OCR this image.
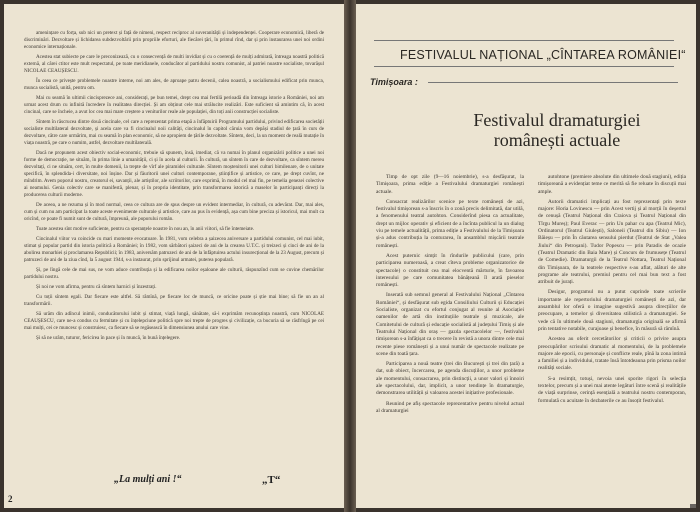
amenințare cu forța, sub nici un pretext și față de nimeni, respect reciproc al suveranității și independenței. Cooperare economică, liberă de discriminări. Dezvoltare și lichidarea subdezvoltării prin propriile eforturi, ale fiecărei țări, în primul rînd, dar și prin instaurarea unei noi ordini economice internaționale.

Acestea stat subiecte pe care le preconizează, cu o consecvență de multi invidiat și cu o coerență de mulți admirată, întreaga noastră politică externă, al cărei ctitor este mult respectatul, pe toate meridianele, conducător al partidului nostru comunist, al patriei noastre socialiste, tovarășul NICOLAE CEAUȘESCU.

În ceea ce privește problemele noastre interne, noi am ales, de aproape patru decenii, calea noastră, a socialismului edificat prin munca, munca socialistă, unită, pentru om.

Mai cu seamă în ultimii cincisprezece ani, considerați, pe bun temei, drept cea mai fertilă perioadă din întreaga istorie a României, noi am urmat acest drum cu infinită încredere în realitatea direcției. Și am obținut cele mai strălucite realizări. Este suficient să amintim că, în acest cincinal, care se încheie, a avut loc cea mai mare creștere a veniturilor reale ale populației, din toți anii construcției socialiste.

Sîntem în răscrucea dintre două cincinale, cel care a reprezentat prima etapă a înfăptuirii Programului partidului, privind edificarea societății socialiste multilateral dezvoltate, și acela care va fi cincinalul noii calități, cincinalul în capitol căruia vom depăși stadiul de țară în curs de dezvoltare, către care urmărim, mai cu seamă în plan economic, să ne apropiem de țările dezvoltate. Sîntem, deci, la un moment de reală mutație în viața noastră, pe care o numim, astfel, dezvoltare multilaterală.

Dacă ne propunem acest obiectiv social-economic, trebuie să spunem, însă, imediat, că va numai în planul organizării politice a unei noi forme de democrație, ne situăm, în prima linie a umanității, ci și în acela al culturii. În cultură, un sîntem în care de dezvoltare, ca sîntem mereu dezvoltați, ci ne situăm, cert, în multe domenii, la trepte de vîrf ale piramidei culturale. Sîntem moștenitorii unei culturi bimilenare, de o unitate specifică, în splendida-i diversitate, noi înșine. Dar și făuritorii unei culturi contemporane, științifice și artistice, ce care, pe drept cuvînt, ne mîndrim. Avem poporul nostru, creatorul ei, savanții, ale artiștilor, ale scriitorilor, care exprimă, în modul cel mai fin, pe temelia genezei colective ai neamului. Genia colectiv care se manifestă, plenar, și în propria identitate, prin transformarea istorică a maselor în participanți direcți la producerea culturii moderne.

De aceea, a ne rezuma și în mod normal, ceea ce cultura are de spus despre un evident intermediar, în cultură, cu adevărat. Dar, mai ales, cum și cum nu am participat la toate aceste evenimente culturale și artistice, care au pus în evidență, așa cum bine preciza și istoricul, mai mult ca oricînd, ce poate fi numit sunt de cultură, împreună, ale poporului român.

Toate acestea sînt motive suficiente, pentru ca speranțele noastre în nou an, în anii viitori, să fie întemeiate.

Cincinalul viitor va coincide cu mari momente evocatoare. În 1981, vom celebra a șaizecea aniversare a partidului comunist, cel mai iubit, stimat și popular partid din istoria politică a României; în 1982, vom sărbători șaizeci de ani de la crearea U.T.C. și treizeci și cinci de ani de la abolirea monarhiei și proclamarea Republicii; în 1983, aniversăm patruzeci de ani de la înfăptuirea actului insurecțional de la 23 August, precum și patruzeci de ani de la ziua cînd, la 5 august 1944, s-a instaurat, prin sprijinul armatei, puterea populară.

Și, pe lîngă cele de mai sus, ne vom aduce contribuția și la edificarea noilor eșaloane ale culturii, răspunzînd cum se cuvine chemărilor partidului nostru.

Și noi ne vom afirma, pentru că sîntem harnici și înzestrați.

Cu toții sîntem egali. Dar fiecare este altfel. Să rămînă, pe fiecare loc de muncă, ce oricine poate și știe mai bine; să fie un an al transformării.

Să urăm din adîncul inimii, conducătorului iubit și stimat, viață lungă, sănătate, să-i exprimăm recunoștința noastră, cum NICOLAE CEAUȘESCU, care ne-a condus cu fermitate și cu înțelepciune politică spre noi trepte de progres și civilizație, ca bucuria să se răsfrîngă pe cei mai mulți, cei ce muncesc și construiesc, ca fiecare să se regăsească în dimensiunea anului care vine.

Și să ne urăm, tuturor, fericirea în pace și în muncă, în bună înțelegere.

„La mulți ani !“	„T“
2
FESTIVALUL NAȚIONAL „CÎNTAREA ROMÂNIEI“
Timișoara :
Festivalul dramaturgiei
românești actuale

Timp de opt zile (9—16 noiembrie), s-a desfășurat, la Timișoara, prima ediție a Festivalului dramaturgiei românești actuale.

Consacrat realizărilor scenice pe texte românești de azi, festivalul timișorean s-a înscris în o zonă precis delimitată, dar utilă, a fenomenului teatral autohton. Considerînd piesa ca actualitate, drept un mijloc operativ și eficient de a încînta publicul la un dialog viu pe temele actualității, prima ediție a Festivalului de la Timișoara și-a adus contribuția la conturarea, în ansamblul mișcării teatrale românești.

Acest puternic simțit în rîndurile publicului (care, prin participarea numeroasă, a creat cîteva probleme organizatorice de spectacole) o constituit cea mai elocventă mărturie, în favoarea interesului pe care comunitatea bănățeană îl arată pieselor românești.

Inserată sub semnul general al Festivalului Național „Cîntarea României“, și desfășurat sub egida Consiliului Culturii și Educației Socialiste, organizat cu efortul conjugat al reunite al Asociației oamenilor de artă din instituțiile teatrale și muzicale, ale Comitetului de cultură și educație socialistă al județului Timiș și ale Teatrului Național din oraș — gazda spectacolelor —, festivalul timișorean s-a înfățișat ca o trecere în revistă a unora dintre cele mai recente piese românești și a unui număr de spectacole realizate pe scene din toată țara.

Participarea a nouă teatre (trei din București și trei din țară) a dat, sub obiect, încercarea, pe agenda discuțiilor, a unor probleme ale momentului, consacrarea, prin distincții, a unor valori și înnoiri ale spectacolului, dar, implicit, a unor tendințe în dramaturgie, demonstrarea utilității și valoarea acestei inițiative profesionale.

Reunind pe afiș spectacole reprezentative pentru nivelul actual al dramaturgiei

autohtone (premiere absolute din ultimele două stagiuni), ediția timișoreană a evidențiat teme ce merită să fie reluate în discuții mai ample.

Autorii dramatici implicați au fost reprezentați prin texte majore: Horia Lovinescu — prin Acest vertij și al morții în deșertul de cenușă (Teatrul Național din Craiova și Teatrul Național din Tîrgu Mureș); Paul Everac — prin Un pahar cu apa (Teatrul Mic), Ordinatorul (Teatrul Giulești), Saloneii (Teatrul din Sibiu) — Ion Băieșu — prin În căutarea sensului pierdut (Teatrul de Stat „Valea Jiului“ din Petroșani). Tudor Popescu — prin Paradis de ocazie (Teatrul Dramatic din Baia Mare) și Concurs de frumusețe (Teatrul de Comedie). Dramaturgii de la Teatrul Nottara, Teatrul Național din Timișoara, de la teatrele respective s-au aflat, alături de alte programe ale teatrului, premiul pentru cel mai bun text a fost atribuit de jurați.

Desigur, programul nu a putut cuprinde toate scrierile importante ale repertoriului dramaturgiei românești de azi, dar ansamblul lor oferă o imagine sugestivă asupra direcțiilor de preocupare, a temelor și diversitatea stilistică a dramaturgiei. Se vede că în ultimele două stagiuni, dramaturgia originală se afirmă prin tentative notabile, curajoase și benefice, în măsură să rămînă.

Acestea au oferit cercetătorilor și criticii o privire asupra preocupărilor scrisului dramatic al momentului, de la problemele majore ale epocii, cu personaje și conflicte reale, pînă la zona intimă a familiei și a individului, tratate însă întotdeauna prin prisma noilor realități sociale.

S-a resimțit, totuși, nevoia unei sporite rigori în selecția textelor, precum și a unei mai atente legături între scenă și realitățile de viață surprinse, cerință esențială a teatrului nostru contemporan, formulată cu acuitate în dezbaterile ce au însoțit festivalul.
